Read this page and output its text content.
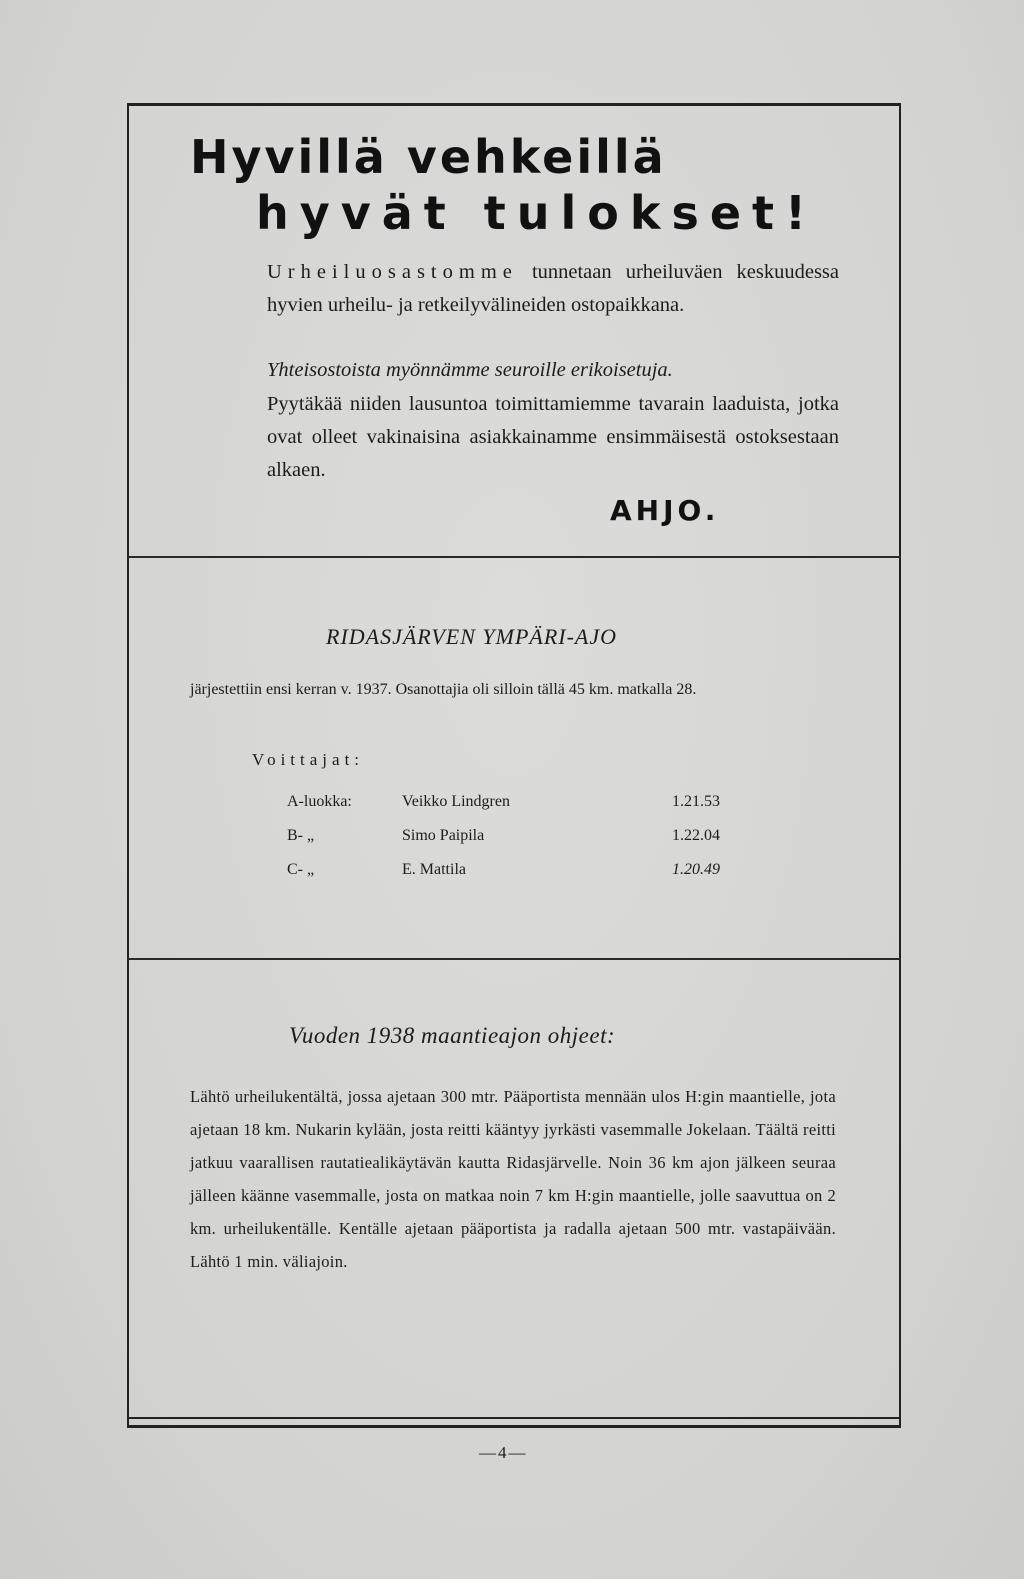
Hyvillä vehkeillä
hyvät tulokset!

Urheiluosastomme tunnetaan urheiluväen keskuudessa hyvien urheilu- ja retkeilyvälineiden ostopaikkana.

Yhteisostoista myönnämme seuroille erikoisetuja.

Pyytäkää niiden lausuntoa toimittamiemme tavarain laaduista, jotka ovat olleet vakinaisina asiakkainamme ensimmäisestä ostoksestaan alkaen.

AHJO.

RIDASJÄRVEN YMPÄRI-AJO

järjestettiin ensi kerran v. 1937. Osanottajia oli silloin tällä 45 km. matkalla 28.

Voittajat:

A-luokka:	Veikko Lindgren	1.21.53
B- „	Simo Paipila	1.22.04
C- „	E. Mattila	1.20.49
Vuoden 1938 maantieajon ohjeet:

Lähtö urheilukentältä, jossa ajetaan 300 mtr. Pääportista mennään ulos H:gin maantielle, jota ajetaan 18 km. Nukarin kylään, josta reitti kääntyy jyrkästi vasemmalle Jokelaan. Täältä reitti jatkuu vaarallisen rautatiealikäytävän kautta Ridasjärvelle. Noin 36 km ajon jälkeen seuraa jälleen käänne vasemmalle, josta on matkaa noin 7 km H:gin maantielle, jolle saavuttua on 2 km. urheilukentälle. Kentälle ajetaan pääportista ja radalla ajetaan 500 mtr. vastapäivään. Lähtö 1 min. väliajoin.

—4—
